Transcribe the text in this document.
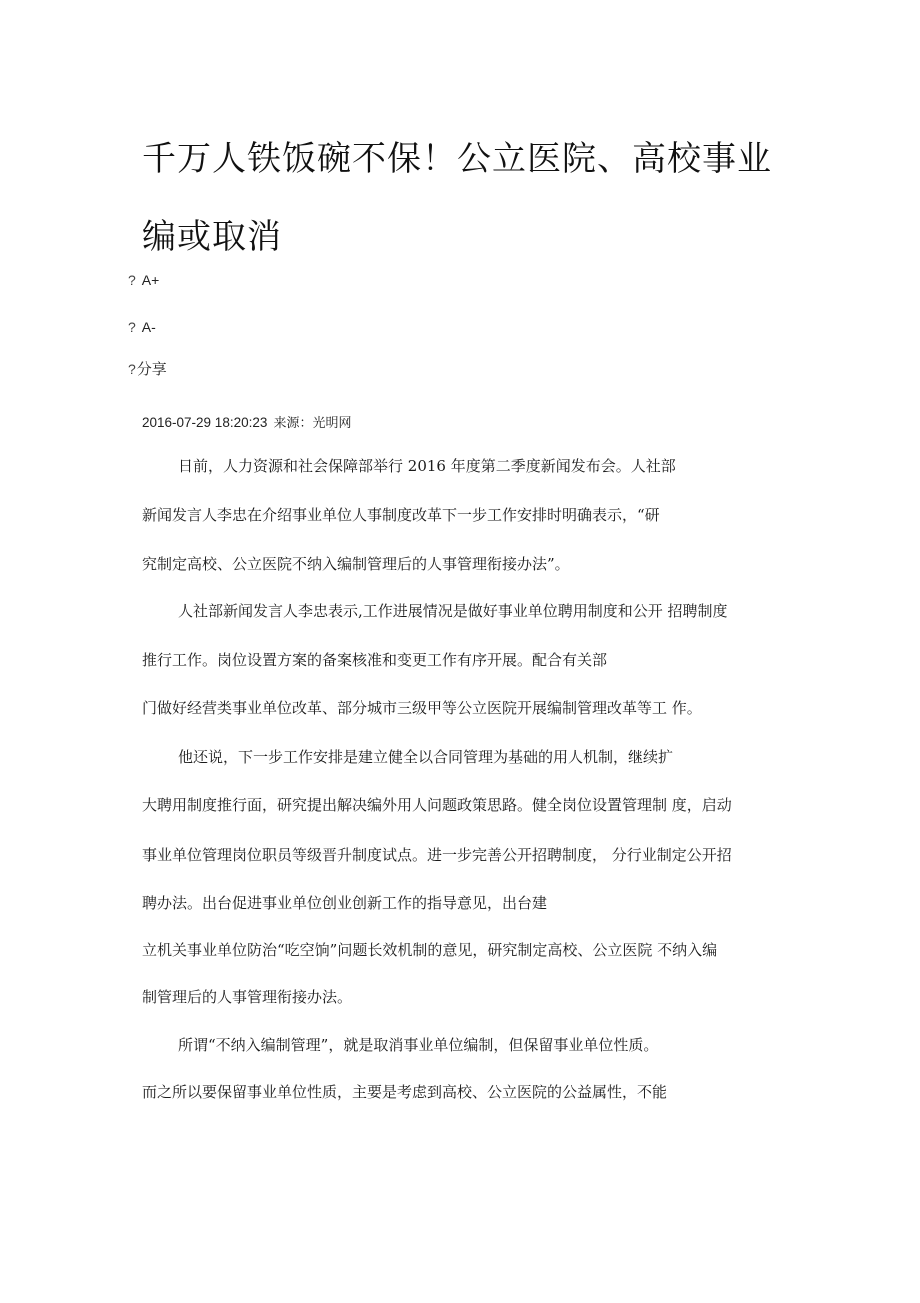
千万人铁饭碗不保！公立医院、高校事业
编或取消
? A+
? A-
?分享
2016-07-29 18:20:23 来源：光明网
日前，人力资源和社会保障部举行 2016 年度第二季度新闻发布会。人社部
新闻发言人李忠在介绍事业单位人事制度改革下一步工作安排时明确表示，“研
究制定高校、公立医院不纳入编制管理后的人事管理衔接办法”。
人社部新闻发言人李忠表示,工作进展情况是做好事业单位聘用制度和公开 招聘制度
推行工作。岗位设置方案的备案核准和变更工作有序开展。配合有关部
门做好经营类事业单位改革、部分城市三级甲等公立医院开展编制管理改革等工 作。
他还说，下一步工作安排是建立健全以合同管理为基础的用人机制，继续扩
大聘用制度推行面，研究提出解决编外用人问题政策思路。健全岗位设置管理制 度，启动
事业单位管理岗位职员等级晋升制度试点。进一步完善公开招聘制度， 分行业制定公开招
聘办法。出台促进事业单位创业创新工作的指导意见，出台建
立机关事业单位防治“吃空饷”问题长效机制的意见，研究制定高校、公立医院 不纳入编
制管理后的人事管理衔接办法。
所谓“不纳入编制管理”，就是取消事业单位编制，但保留事业单位性质。
而之所以要保留事业单位性质，主要是考虑到高校、公立医院的公益属性，不能
